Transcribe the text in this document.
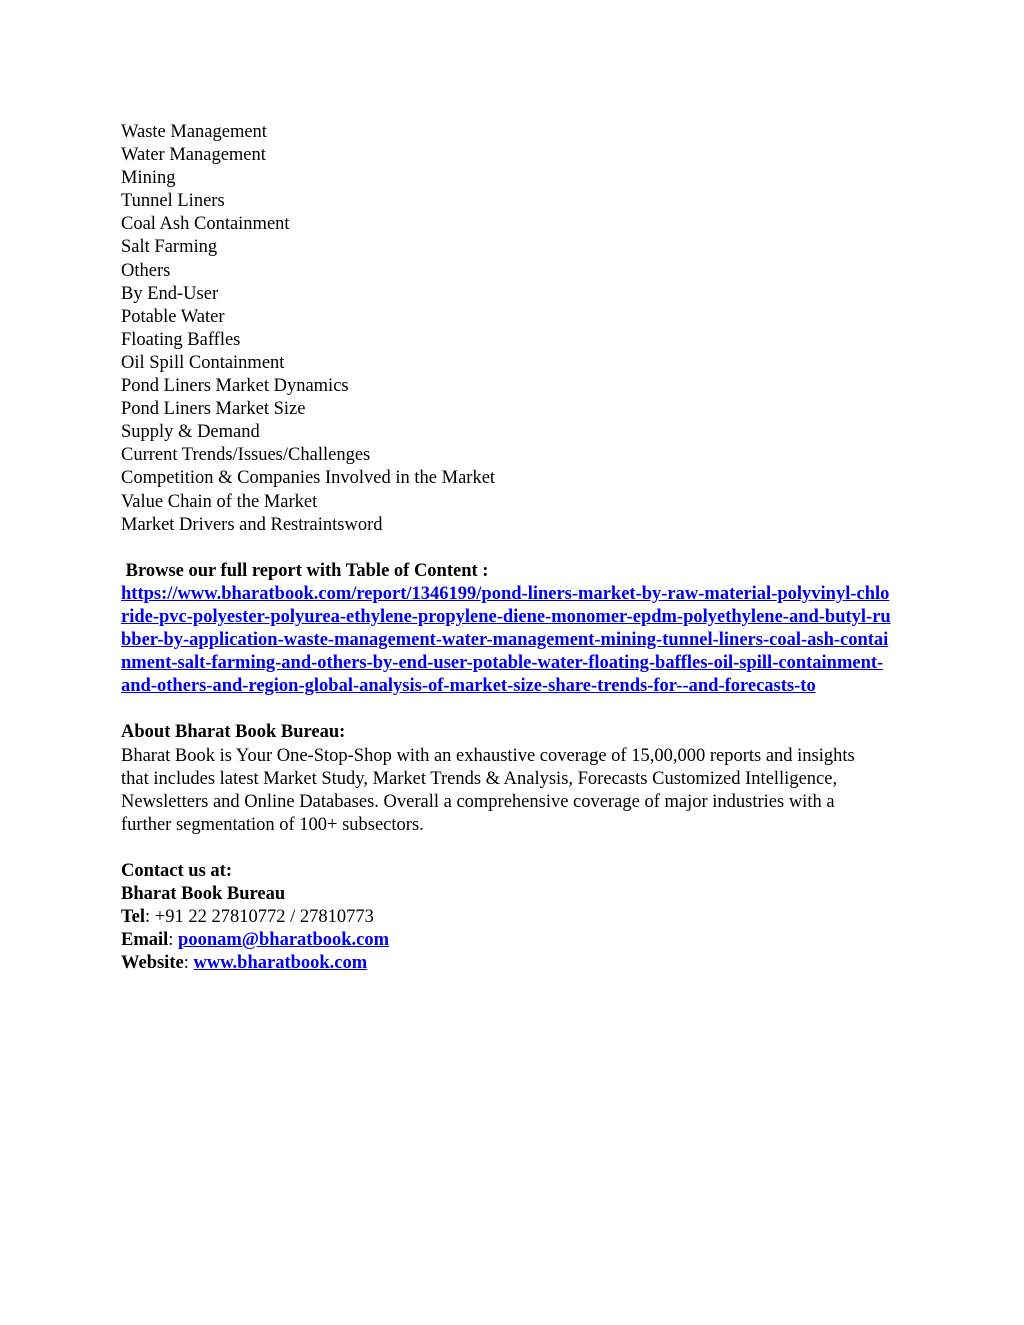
Waste Management
Water Management
Mining
Tunnel Liners
Coal Ash Containment
Salt Farming
Others
By End-User
Potable Water
Floating Baffles
Oil Spill Containment
Pond Liners Market Dynamics
Pond Liners Market Size
Supply & Demand
Current Trends/Issues/Challenges
Competition & Companies Involved in the Market
Value Chain of the Market
Market Drivers and Restraintsword
Browse our full report with Table of Content :
https://www.bharatbook.com/report/1346199/pond-liners-market-by-raw-material-polyvinyl-chloride-pvc-polyester-polyurea-ethylene-propylene-diene-monomer-epdm-polyethylene-and-butyl-rubber-by-application-waste-management-water-management-mining-tunnel-liners-coal-ash-containment-salt-farming-and-others-by-end-user-potable-water-floating-baffles-oil-spill-containment-and-others-and-region-global-analysis-of-market-size-share-trends-for--and-forecasts-to
About Bharat Book Bureau:
Bharat Book is Your One-Stop-Shop with an exhaustive coverage of 15,00,000 reports and insights that includes latest Market Study, Market Trends & Analysis, Forecasts Customized Intelligence, Newsletters and Online Databases. Overall a comprehensive coverage of major industries with a further segmentation of 100+ subsectors.
Contact us at:
Bharat Book Bureau
Tel: +91 22 27810772 / 27810773
Email: poonam@bharatbook.com
Website: www.bharatbook.com
